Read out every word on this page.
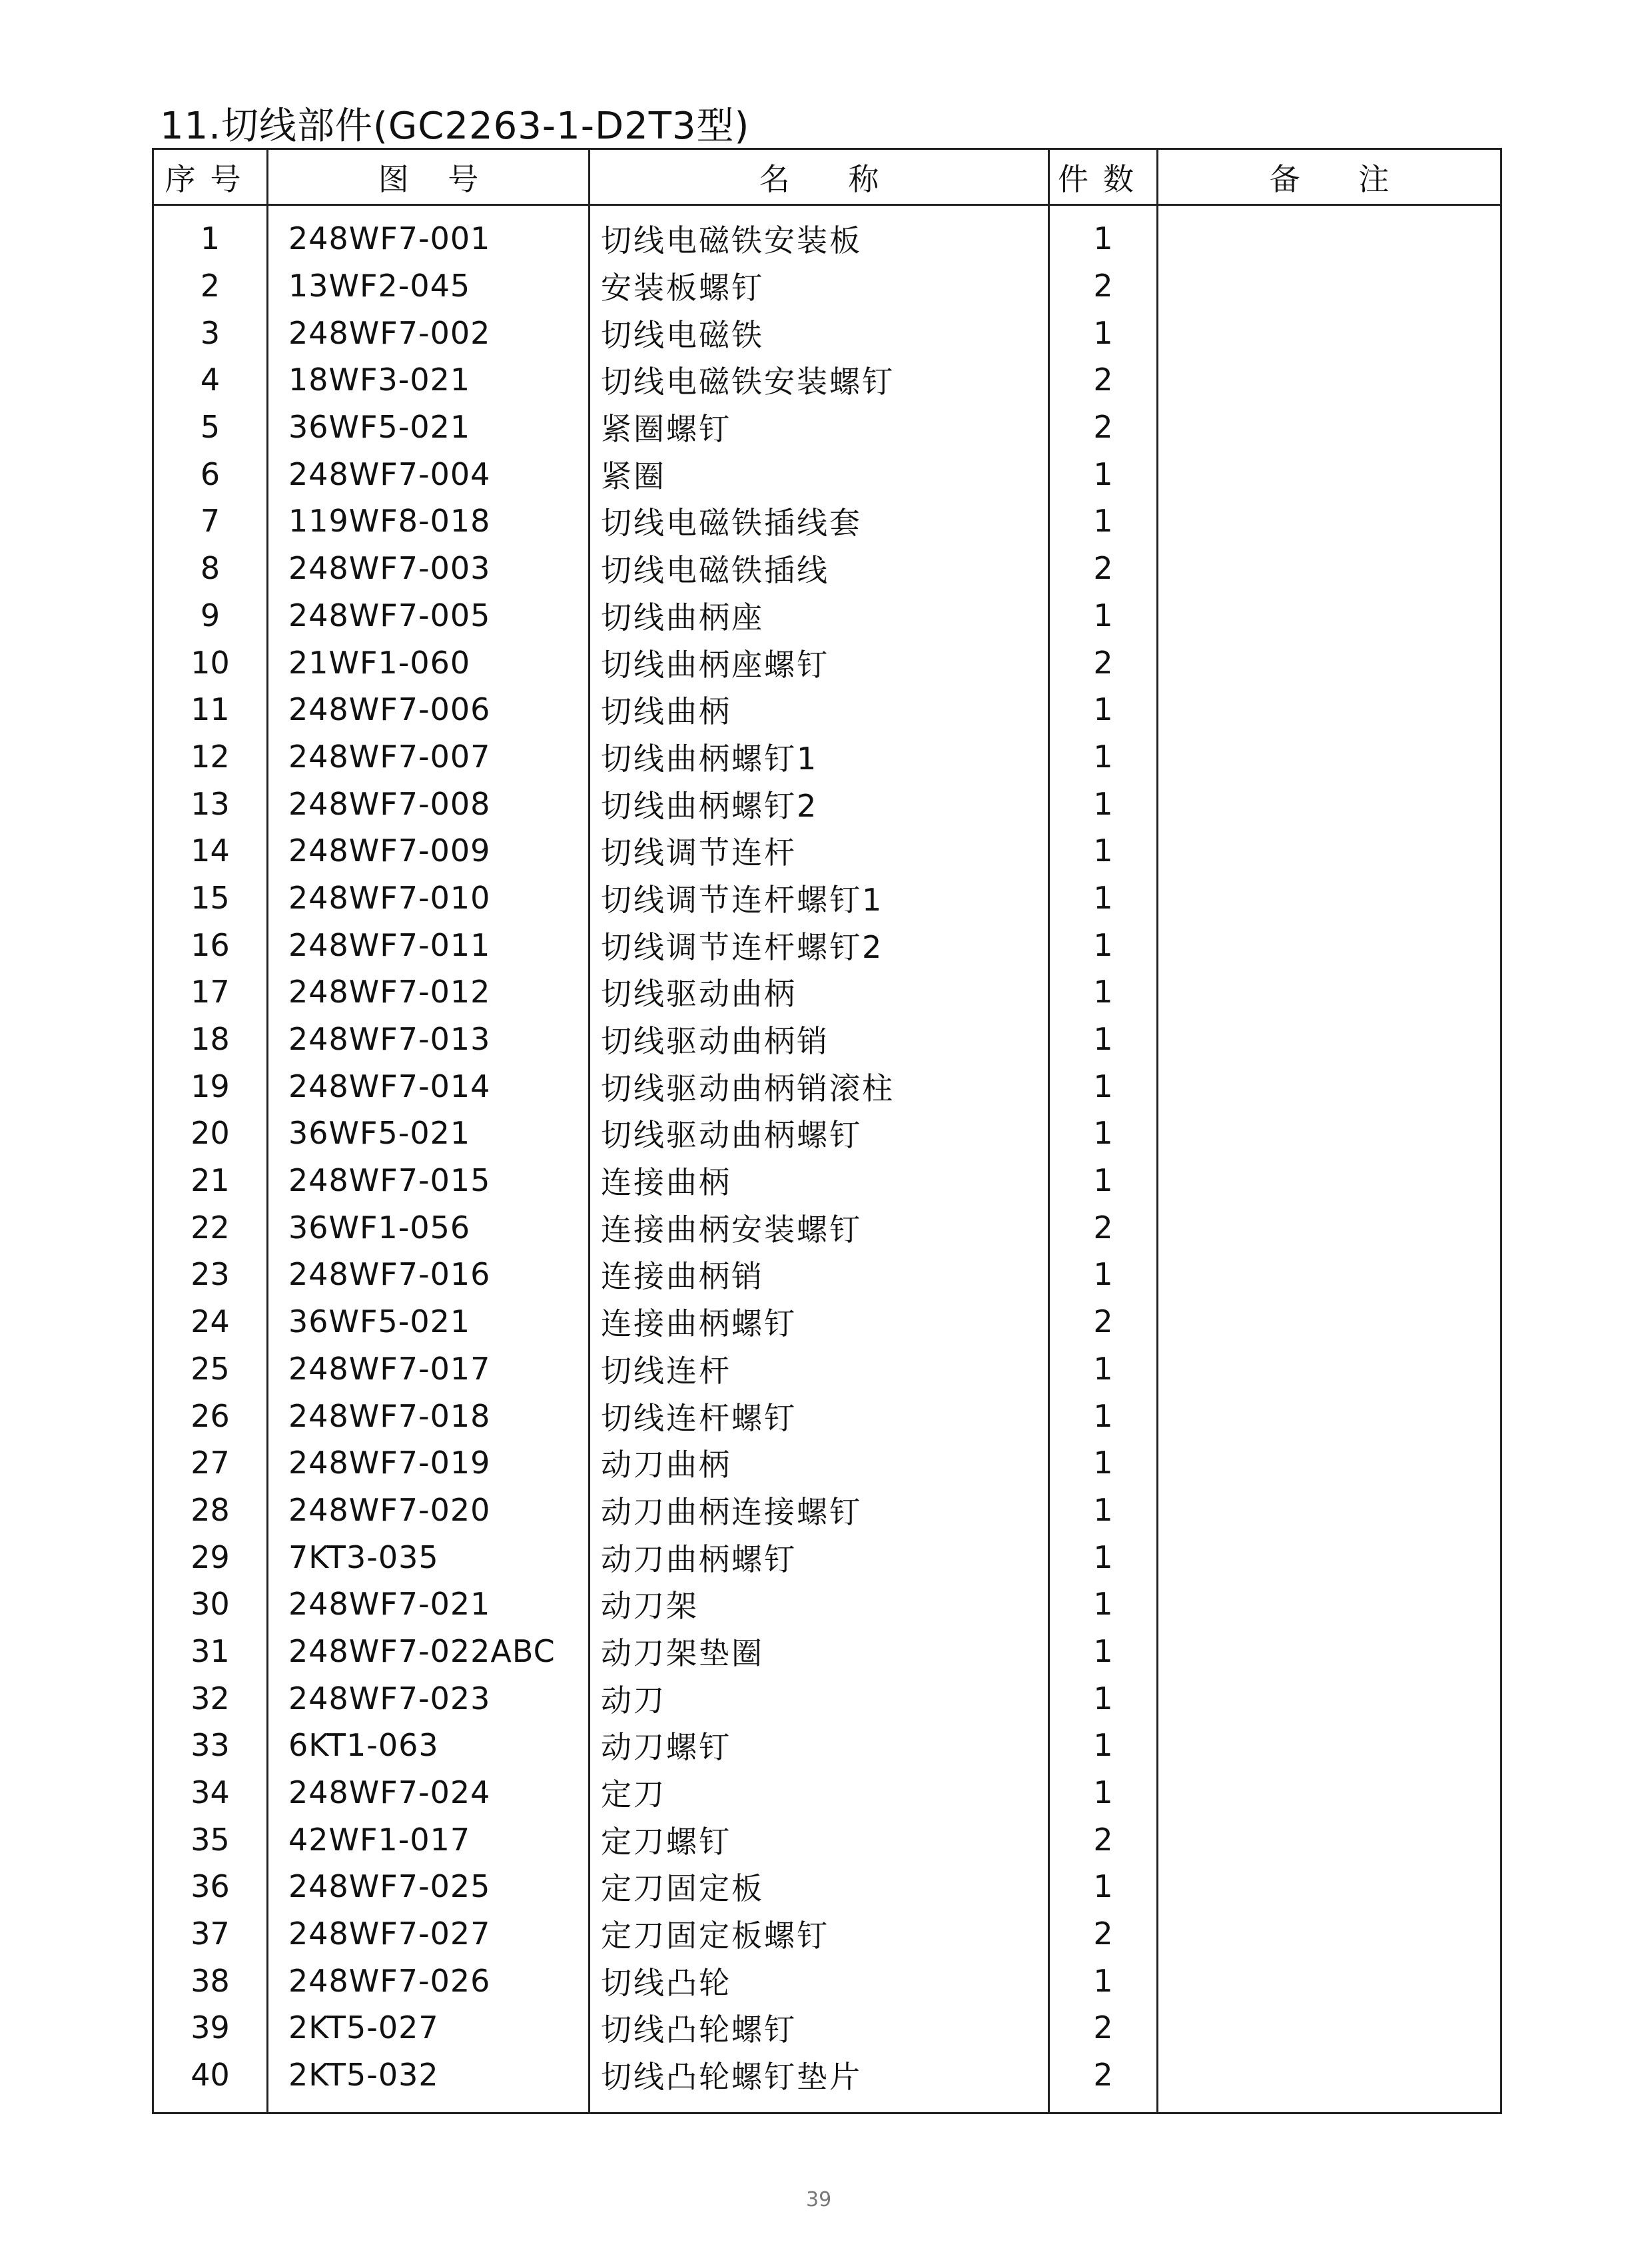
11.切线部件(GC2263-1-D2T3型)
序号	图    号	名      称	件数	备      注
1	248WF7-001	切线电磁铁安装板	1	
2	13WF2-045	安装板螺钉	2	
3	248WF7-002	切线电磁铁	1	
4	18WF3-021	切线电磁铁安装螺钉	2	
5	36WF5-021	紧圈螺钉	2	
6	248WF7-004	紧圈	1	
7	119WF8-018	切线电磁铁插线套	1	
8	248WF7-003	切线电磁铁插线	2	
9	248WF7-005	切线曲柄座	1	
10	21WF1-060	切线曲柄座螺钉	2	
11	248WF7-006	切线曲柄	1	
12	248WF7-007	切线曲柄螺钉1	1	
13	248WF7-008	切线曲柄螺钉2	1	
14	248WF7-009	切线调节连杆	1	
15	248WF7-010	切线调节连杆螺钉1	1	
16	248WF7-011	切线调节连杆螺钉2	1	
17	248WF7-012	切线驱动曲柄	1	
18	248WF7-013	切线驱动曲柄销	1	
19	248WF7-014	切线驱动曲柄销滚柱	1	
20	36WF5-021	切线驱动曲柄螺钉	1	
21	248WF7-015	连接曲柄	1	
22	36WF1-056	连接曲柄安装螺钉	2	
23	248WF7-016	连接曲柄销	1	
24	36WF5-021	连接曲柄螺钉	2	
25	248WF7-017	切线连杆	1	
26	248WF7-018	切线连杆螺钉	1	
27	248WF7-019	动刀曲柄	1	
28	248WF7-020	动刀曲柄连接螺钉	1	
29	7KT3-035	动刀曲柄螺钉	1	
30	248WF7-021	动刀架	1	
31	248WF7-022ABC	动刀架垫圈	1	
32	248WF7-023	动刀	1	
33	6KT1-063	动刀螺钉	1	
34	248WF7-024	定刀	1	
35	42WF1-017	定刀螺钉	2	
36	248WF7-025	定刀固定板	1	
37	248WF7-027	定刀固定板螺钉	2	
38	248WF7-026	切线凸轮	1	
39	2KT5-027	切线凸轮螺钉	2	
40	2KT5-032	切线凸轮螺钉垫片	2	
39
